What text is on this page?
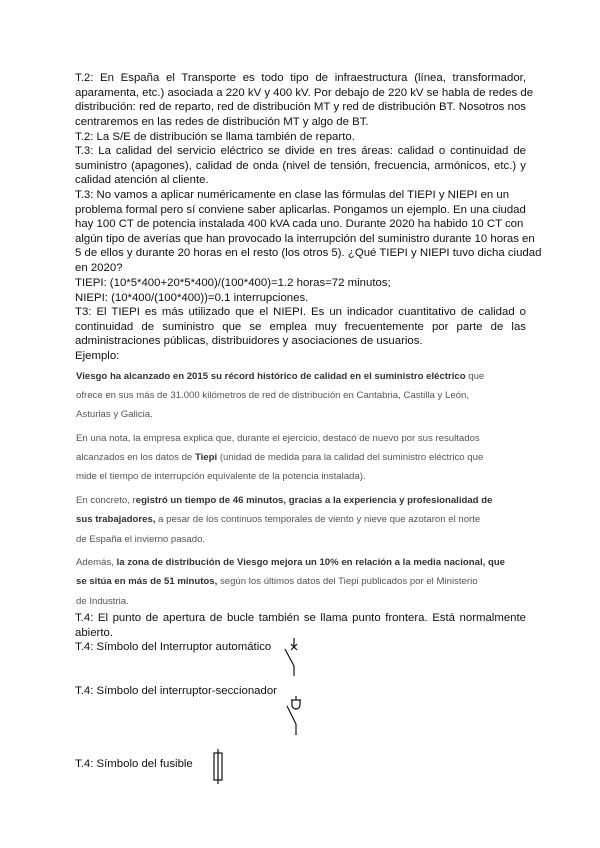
T.2: En España el Transporte es todo tipo de infraestructura (línea, transformador,
aparamenta, etc.) asociada a 220 kV y 400 kV. Por debajo de 220 kV se habla de redes de
distribución: red de reparto, red de distribución MT y red de distribución BT. Nosotros nos
centraremos en las redes de distribución MT y algo de BT.
T.2: La S/E de distribución se llama también de reparto.
T.3: La calidad del servicio eléctrico se divide en tres áreas: calidad o continuidad de
suministro (apagones), calidad de onda (nivel de tensión, frecuencia, armónicos, etc.) y
calidad atención al cliente.
T.3: No vamos a aplicar numéricamente en clase las fórmulas del TIEPI y NIEPI en un
problema formal pero sí conviene saber aplicarlas. Pongamos un ejemplo. En una ciudad
hay 100 CT de potencia instalada 400 kVA cada uno. Durante 2020 ha habido 10 CT con
algún tipo de averías que han provocado la interrupción del suministro durante 10 horas en
5 de ellos y durante 20 horas en el resto (los otros 5). ¿Qué TIEPI y NIEPI tuvo dicha ciudad
en 2020?
TIEPI: (10*5*400+20*5*400)/(100*400)=1.2 horas=72 minutos;
NIEPI: (10*400/(100*400))=0.1 interrupciones.
T3: El TIEPI es más utilizado que el NIEPI. Es un indicador cuantitativo de calidad o
continuidad de suministro que se emplea muy frecuentemente por parte de las
administraciones públicas, distribuidores y asociaciones de usuarios.
Ejemplo:
Viesgo ha alcanzado en 2015 su récord histórico de calidad en el suministro eléctrico que
ofrece en sus más de 31.000 kilómetros de red de distribución en Cantabria, Castilla y León,
Asturias y Galicia.
En una nota, la empresa explica que, durante el ejercicio, destacó de nuevo por sus resultados
alcanzados en los datos de Tiepi (unidad de medida para la calidad del suministro eléctrico que
mide el tiempo de interrupción equivalente de la potencia instalada).
En concreto, registró un tiempo de 46 minutos, gracias a la experiencia y profesionalidad de
sus trabajadores, a pesar de los continuos temporales de viento y nieve que azotaron el norte
de España el invierno pasado.
Además, la zona de distribución de Viesgo mejora un 10% en relación a la media nacional, que
se sitúa en más de 51 minutos, según los últimos datos del Tiepi publicados por el Ministerio
de Industria.
T.4: El punto de apertura de bucle también se llama punto frontera. Está normalmente
abierto.
T.4: Símbolo del Interruptor automático
T.4: Símbolo del interruptor-seccionador
T.4: Símbolo del fusible
